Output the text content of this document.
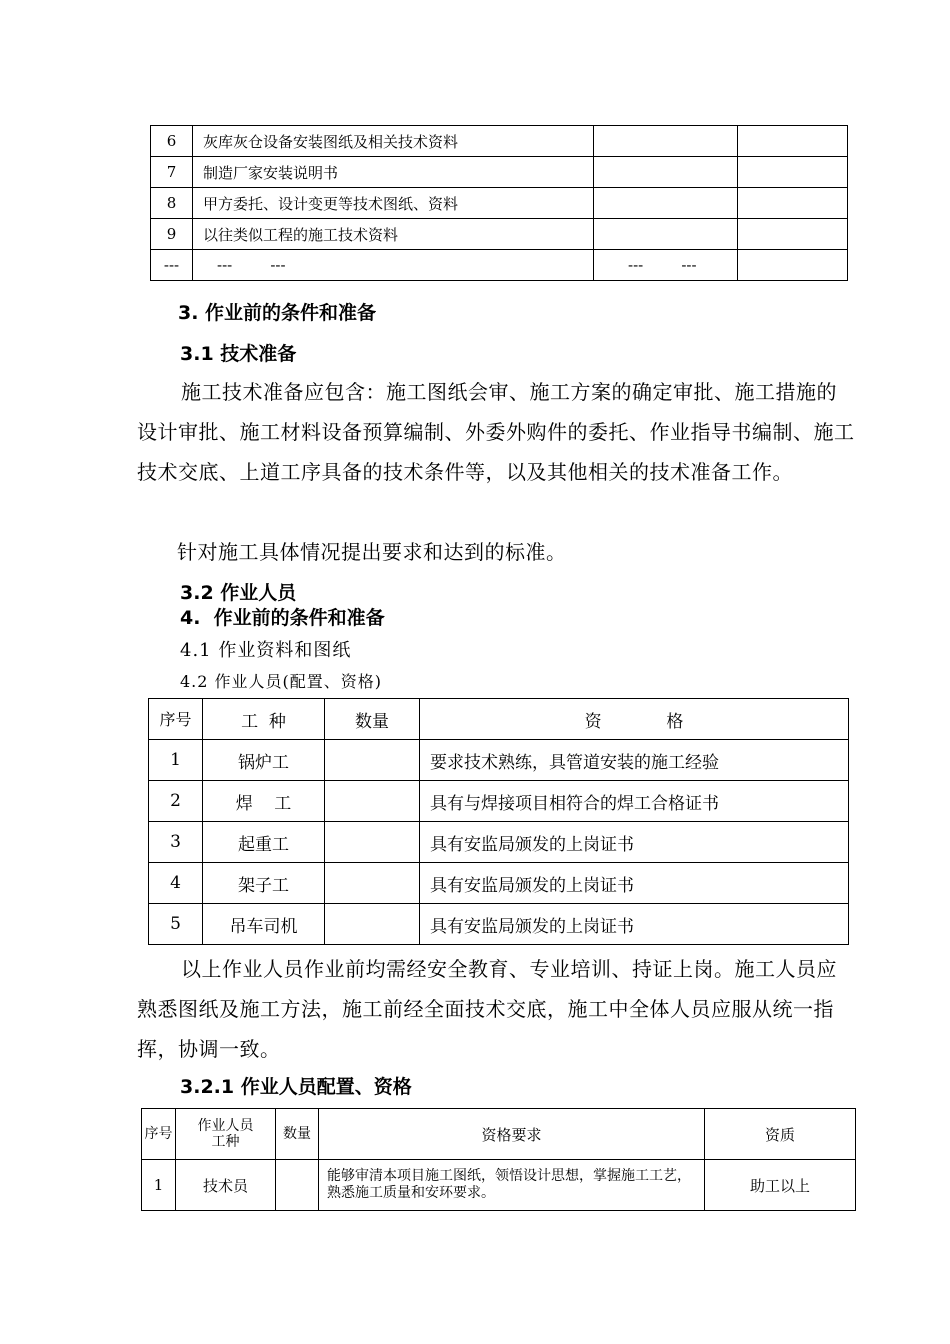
6	灰库灰仓设备安装图纸及相关技术资料		
7	制造厂家安装说明书		
8	甲方委托、设计变更等技术图纸、资料		
9	以往类似工程的施工技术资料		
---	---        ---	---        ---	
3. 作业前的条件和准备
3.1 技术准备
施工技术准备应包含：施工图纸会审、施工方案的确定审批、施工措施的设计审批、施工材料设备预算编制、外委外购件的委托、作业指导书编制、施工技术交底、上道工序具备的技术条件等，以及其他相关的技术准备工作。
针对施工具体情况提出要求和达到的标准。
3.2 作业人员
4.  作业前的条件和准备
4.1 作业资料和图纸
4.2 作业人员(配置、资格)
序号	工  种	数量	资            格
1	锅炉工		要求技术熟练，具管道安装的施工经验
2	焊    工		具有与焊接项目相符合的焊工合格证书
3	起重工		具有安监局颁发的上岗证书
4	架子工		具有安监局颁发的上岗证书
5	吊车司机		具有安监局颁发的上岗证书
以上作业人员作业前均需经安全教育、专业培训、持证上岗。施工人员应熟悉图纸及施工方法，施工前经全面技术交底，施工中全体人员应服从统一指挥，协调一致。
3.2.1 作业人员配置、资格
序号	作业人员工种	数量	资格要求	资质
1	技术员		能够审清本项目施工图纸，领悟设计思想，掌握施工工艺，熟悉施工质量和安环要求。	助工以上
